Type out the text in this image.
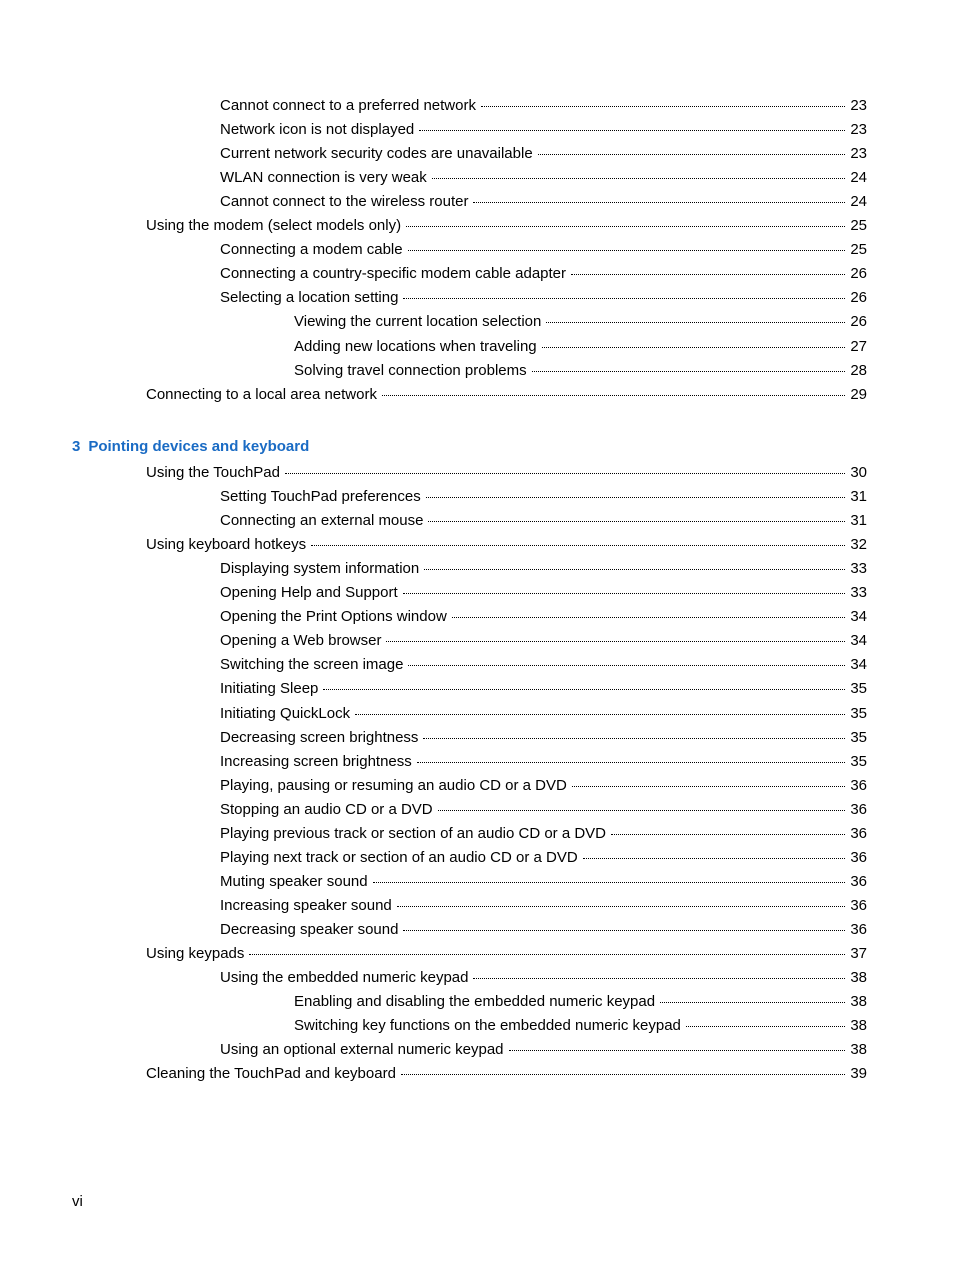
Cannot connect to a preferred network	23
Network icon is not displayed	23
Current network security codes are unavailable	23
WLAN connection is very weak	24
Cannot connect to the wireless router	24
Using the modem (select models only)	25
Connecting a modem cable	25
Connecting a country-specific modem cable adapter	26
Selecting a location setting	26
Viewing the current location selection	26
Adding new locations when traveling	27
Solving travel connection problems	28
Connecting to a local area network	29
3 Pointing devices and keyboard
Using the TouchPad	30
Setting TouchPad preferences	31
Connecting an external mouse	31
Using keyboard hotkeys	32
Displaying system information	33
Opening Help and Support	33
Opening the Print Options window	34
Opening a Web browser	34
Switching the screen image	34
Initiating Sleep	35
Initiating QuickLock	35
Decreasing screen brightness	35
Increasing screen brightness	35
Playing, pausing or resuming an audio CD or a DVD	36
Stopping an audio CD or a DVD	36
Playing previous track or section of an audio CD or a DVD	36
Playing next track or section of an audio CD or a DVD	36
Muting speaker sound	36
Increasing speaker sound	36
Decreasing speaker sound	36
Using keypads	37
Using the embedded numeric keypad	38
Enabling and disabling the embedded numeric keypad	38
Switching key functions on the embedded numeric keypad	38
Using an optional external numeric keypad	38
Cleaning the TouchPad and keyboard	39
vi
